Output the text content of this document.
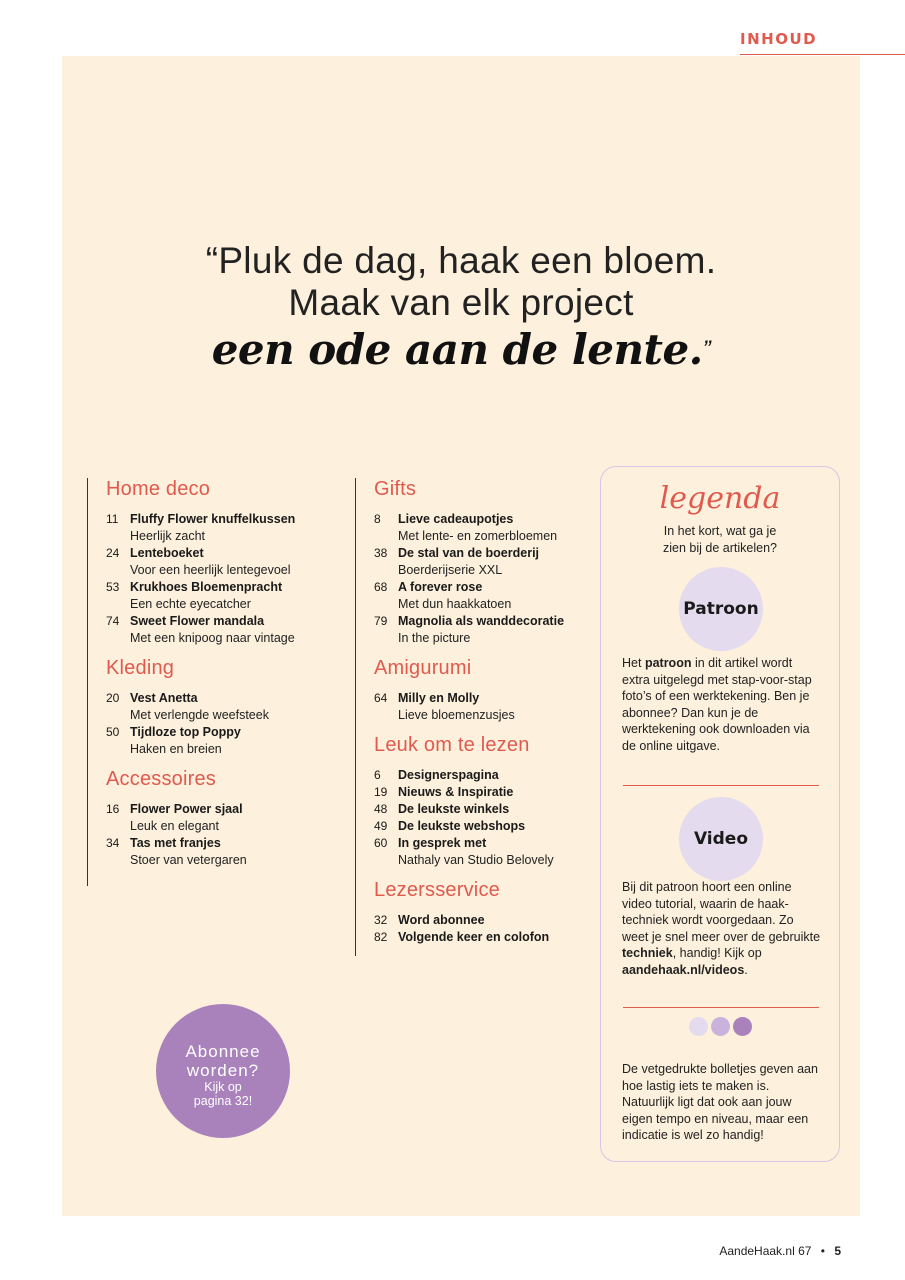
INHOUD
“Pluk de dag, haak een bloem.
Maak van elk project
een ode aan de lente.”
Home deco
11 Fluffy Flower knuffelkussen
Heerlijk zacht
24 Lenteboeket
Voor een heerlijk lentegevoel
53 Krukhoes Bloemenpracht
Een echte eyecatcher
74 Sweet Flower mandala
Met een knipoog naar vintage
Kleding
20 Vest Anetta
Met verlengde weefsteek
50 Tijdloze top Poppy
Haken en breien
Accessoires
16 Flower Power sjaal
Leuk en elegant
34 Tas met franjes
Stoer van vetergaren
Gifts
8	Lieve cadeaupotjes
Met lente- en zomerbloemen
38 De stal van de boerderij
Boerderijserie XXL
68 A forever rose
Met dun haakkatoen
79 Magnolia als wanddecoratie
In the picture
Amigurumi
64 Milly en Molly
Lieve bloemenzusjes
Leuk om te lezen
6	Designerspagina
19 Nieuws & Inspiratie
48 De leukste winkels
49 De leukste webshops
60 In gesprek met
Nathaly van Studio Belovely
Lezersservice
32 Word abonnee
82 Volgende keer en colofon
legenda
In het kort, wat ga je
zien bij de artikelen?
Patroon
Het patroon in dit artikel wordt extra uitgelegd met stap-voor-stap foto’s of een werktekening. Ben je abonnee? Dan kun je de werktekening ook downloaden via de online uitgave.
Video
Bij dit patroon hoort een online video tutorial, waarin de haak-techniek wordt voorgedaan. Zo weet je snel meer over de gebruikte techniek, handig! Kijk op aandehaak.nl/videos.
De vetgedrukte bolletjes geven aan hoe lastig iets te maken is. Natuurlijk ligt dat ook aan jouw eigen tempo en niveau, maar een indicatie is wel zo handig!
Abonnee
worden?
Kijk op
pagina 32!
AandeHaak.nl 67 • 5
